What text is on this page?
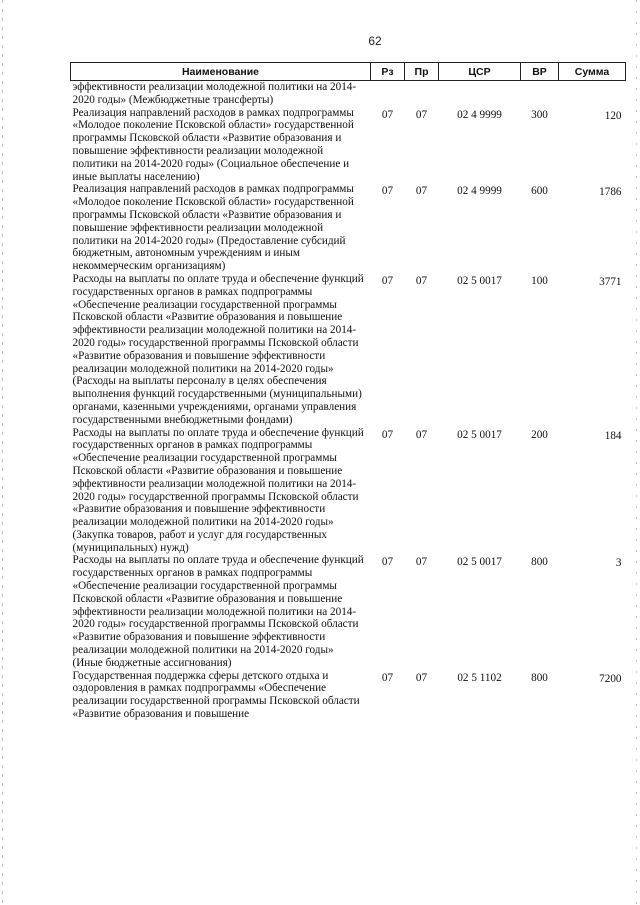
62
Наименование	Рз	Пр	ЦСР	ВР	Сумма
эффективности реализации молодежной политики на 2014-2020 годы» (Межбюджетные трансферты)					
Реализация направлений расходов в рамках подпрограммы «Молодое поколение Псковской области» государственной программы Псковской области «Развитие образования и повышение эффективности реализации молодежной политики на 2014-2020 годы» (Социальное обеспечение и иные выплаты населению)	07	07	02 4 9999	300	120
Реализация направлений расходов в рамках подпрограммы «Молодое поколение Псковской области» государственной программы Псковской области «Развитие образования и повышение эффективности реализации молодежной политики на 2014-2020 годы» (Предоставление субсидий бюджетным, автономным учреждениям и иным некоммерческим организациям)	07	07	02 4 9999	600	1786
Расходы на выплаты по оплате труда и обеспечение функций государственных органов в рамках подпрограммы «Обеспечение реализации государственной программы Псковской области «Развитие образования и повышение эффективности реализации молодежной политики на 2014-2020 годы» государственной программы Псковской области «Развитие образования и повышение эффективности реализации молодежной политики на 2014-2020 годы» (Расходы на выплаты персоналу в целях обеспечения выполнения функций государственными (муниципальными) органами, казенными учреждениями, органами управления государственными внебюджетными фондами)	07	07	02 5 0017	100	3771
Расходы на выплаты по оплате труда и обеспечение функций государственных органов в рамках подпрограммы «Обеспечение реализации государственной программы Псковской области «Развитие образования и повышение эффективности реализации молодежной политики на 2014-2020 годы» государственной программы Псковской области «Развитие образования и повышение эффективности реализации молодежной политики на 2014-2020 годы» (Закупка товаров, работ и услуг для государственных (муниципальных) нужд)	07	07	02 5 0017	200	184
Расходы на выплаты по оплате труда и обеспечение функций государственных органов в рамках подпрограммы «Обеспечение реализации государственной программы Псковской области «Развитие образования и повышение эффективности реализации молодежной политики на 2014-2020 годы» государственной программы Псковской области «Развитие образования и повышение эффективности реализации молодежной политики на 2014-2020 годы» (Иные бюджетные ассигнования)	07	07	02 5 0017	800	3
Государственная поддержка сферы детского отдыха и оздоровления в рамках подпрограммы «Обеспечение реализации государственной программы Псковской области «Развитие образования и повышение	07	07	02 5 1102	800	7200
